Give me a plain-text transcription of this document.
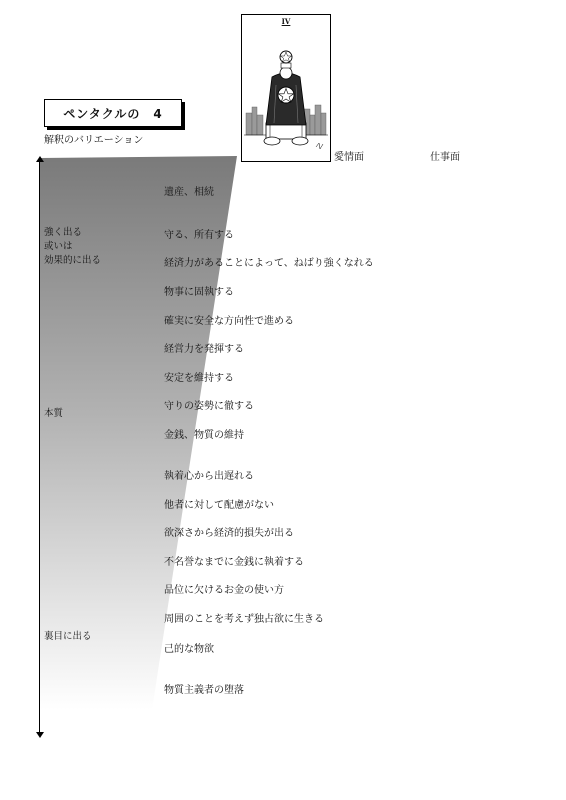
IV
ペンタクルの　4
解釈のバリエーション
愛情面	仕事面
強く出る
或いは
効果的に出る
本質
裏目に出る
遺産、相続
守る、所有する
経済力があることによって、ねばり強くなれる
物事に固執する
確実に安全な方向性で進める
経営力を発揮する
安定を維持する
守りの姿勢に徹する
金銭、物質の維持
執着心から出遅れる
他者に対して配慮がない
欲深さから経済的損失が出る
不名誉なまでに金銭に執着する
品位に欠けるお金の使い方
周囲のことを考えず独占欲に生きる
己的な物欲
物質主義者の堕落
